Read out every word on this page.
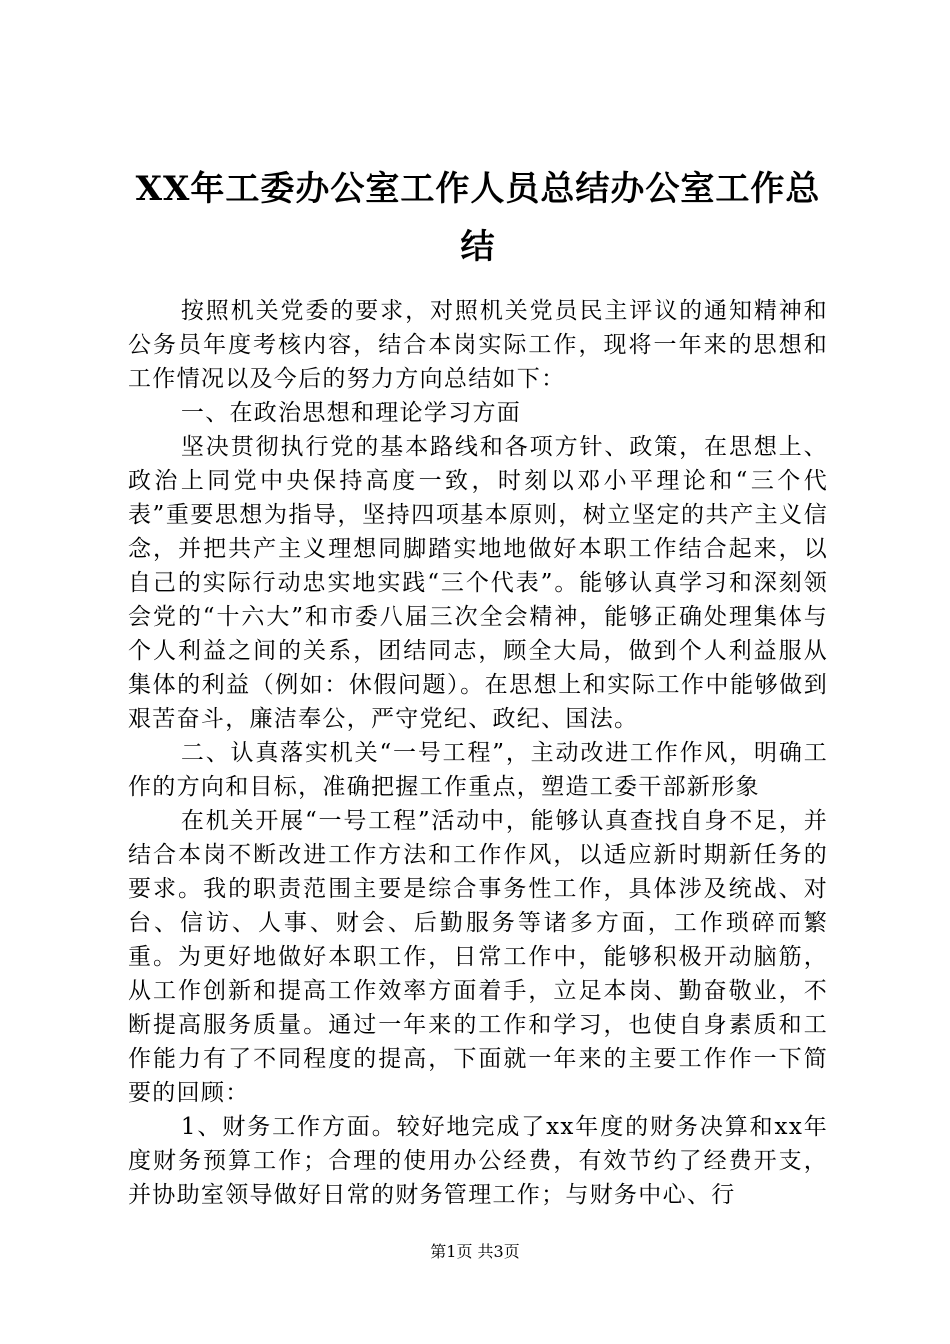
XX年工委办公室工作人员总结办公室工作总
结

按照机关党委的要求，对照机关党员民主评议的通知精神和公务员年度考核内容，结合本岗实际工作，现将一年来的思想和工作情况以及今后的努力方向总结如下：

一、在政治思想和理论学习方面

坚决贯彻执行党的基本路线和各项方针、政策，在思想上、政治上同党中央保持高度一致，时刻以邓小平理论和“三个代表”重要思想为指导，坚持四项基本原则，树立坚定的共产主义信念，并把共产主义理想同脚踏实地地做好本职工作结合起来，以自己的实际行动忠实地实践“三个代表”。能够认真学习和深刻领会党的“十六大”和市委八届三次全会精神，能够正确处理集体与个人利益之间的关系，团结同志，顾全大局，做到个人利益服从集体的利益（例如：休假问题）。在思想上和实际工作中能够做到艰苦奋斗，廉洁奉公，严守党纪、政纪、国法。

二、认真落实机关“一号工程”，主动改进工作作风，明确工作的方向和目标，准确把握工作重点，塑造工委干部新形象

在机关开展“一号工程”活动中，能够认真查找自身不足，并结合本岗不断改进工作方法和工作作风，以适应新时期新任务的要求。我的职责范围主要是综合事务性工作，具体涉及统战、对台、信访、人事、财会、后勤服务等诸多方面，工作琐碎而繁重。为更好地做好本职工作，日常工作中，能够积极开动脑筋，从工作创新和提高工作效率方面着手，立足本岗、勤奋敬业，不断提高服务质量。通过一年来的工作和学习，也使自身素质和工作能力有了不同程度的提高，下面就一年来的主要工作作一下简要的回顾：

1、财务工作方面。较好地完成了xx年度的财务决算和xx年度财务预算工作；合理的使用办公经费，有效节约了经费开支，并协助室领导做好日常的财务管理工作；与财务中心、行

第1页 共3页
